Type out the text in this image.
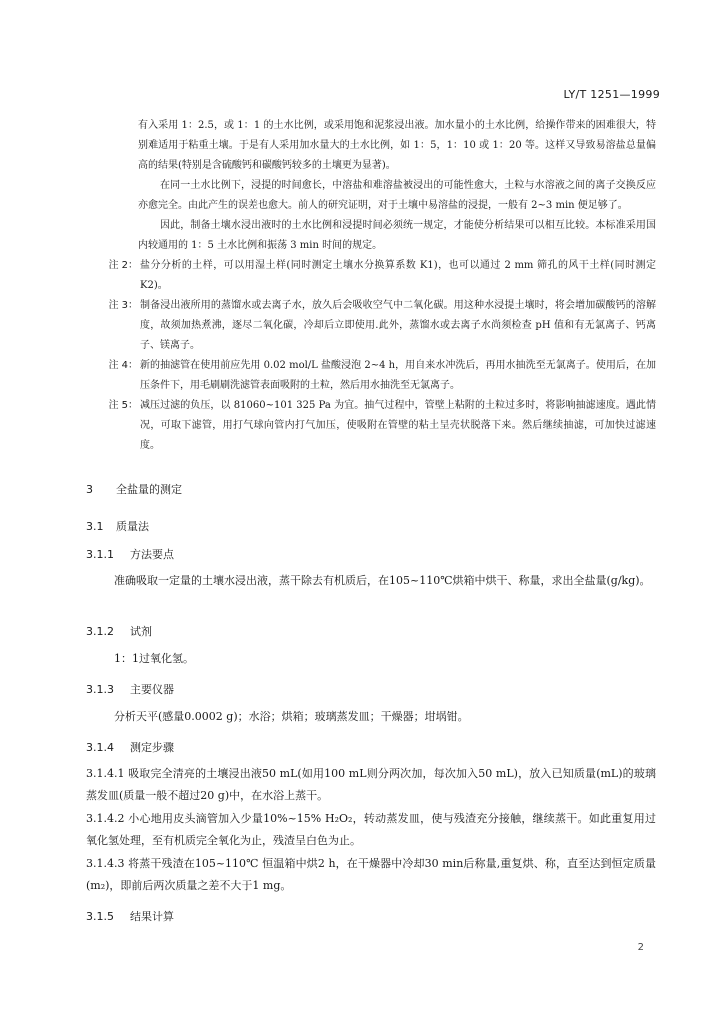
LY/T 1251—1999

有入采用 1：2.5，或 1：1 的土水比例，或采用饱和泥浆浸出液。加水量小的土水比例，给操作带来的困难很大，特别难适用于粘重土壤。于是有人采用加水量大的土水比例，如 1：5，1：10 或 1：20 等。这样又导致易溶盐总量偏高的结果(特别是含硫酸钙和碳酸钙较多的土壤更为显著)。

在同一土水比例下，浸提的时间愈长，中溶盐和难溶盐被浸出的可能性愈大，土粒与水溶液之间的离子交换反应亦愈完全。由此产生的误差也愈大。前人的研究证明，对于土壤中易溶盐的浸提，一般有 2~3 min 便足够了。

因此，制备土壤水浸出液时的土水比例和浸提时间必须统一规定，才能使分析结果可以相互比较。本标准采用国内较通用的 1：5 土水比例和振荡 3 min 时间的规定。

注 2： 盐分分析的土样，可以用湿土样(同时测定土壤水分换算系数 K1)，也可以通过 2 mm 筛孔的风干土样(同时测定 K2)。
注 3： 制备浸出液所用的蒸馏水或去离子水，放久后会吸收空气中二氧化碳。用这种水浸提土壤时，将会增加碳酸钙的溶解度，故须加热煮沸，逐尽二氧化碳，冷却后立即使用.此外，蒸馏水或去离子水尚须检查 pH 值和有无氯离子、钙离子、镁离子。
注 4： 新的抽滤管在使用前应先用 0.02 mol/L 盐酸浸泡 2~4 h，用自来水冲洗后，再用水抽洗至无氯离子。使用后，在加压条件下，用毛刷刷洗滤管表面吸附的土粒，然后用水抽洗至无氯离子。
注 5： 减压过滤的负压，以 81060~101 325 Pa 为宜。抽气过程中，管壁上粘附的土粒过多时，将影响抽滤速度。遇此情况，可取下滤管，用打气球向管内打气加压，使吸附在管壁的粘土呈壳状脱落下来。然后继续抽滤，可加快过滤速度。
3 全盐量的测定
3.1 质量法
3.1.1 方法要点

准确吸取一定量的土壤水浸出液，蒸干除去有机质后，在105~110℃烘箱中烘干、称量，求出全盐量(g/kg)。

3.1.2 试剂

1：1过氧化氢。

3.1.3 主要仪器

分析天平(感量0.0002 g)；水浴；烘箱；玻璃蒸发皿；干燥器；坩埚钳。

3.1.4 测定步骤

3.1.4.1 吸取完全清亮的土壤浸出液50 mL(如用100 mL则分两次加，每次加入50 mL)，放入已知质量(mL)的玻璃蒸发皿(质量一般不超过20 g)中，在水浴上蒸干。

3.1.4.2 小心地用皮头滴管加入少量10%~15% H₂O₂，转动蒸发皿，使与残渣充分接触，继续蒸干。如此重复用过氧化氢处理，至有机质完全氧化为止，残渣呈白色为止。

3.1.4.3 将蒸干残渣在105~110℃ 恒温箱中烘2 h，在干燥器中冷却30 min后称量,重复烘、称，直至达到恒定质量(m₂)，即前后两次质量之差不大于1 mg。

3.1.5 结果计算
2
